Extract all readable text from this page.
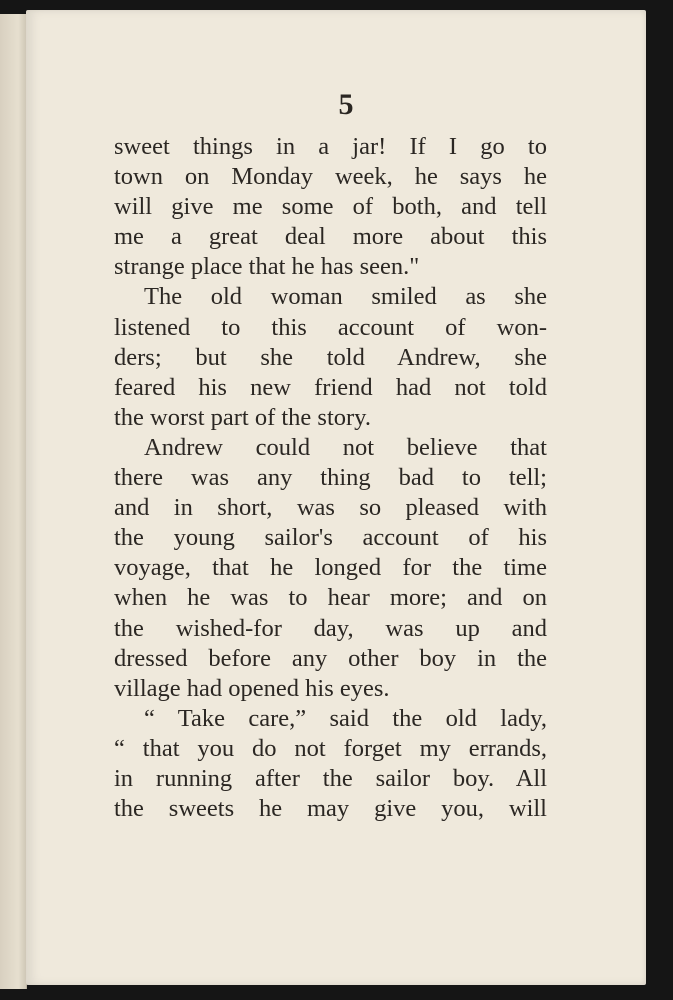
5
sweet things in a jar! If I go to
town on Monday week, he says he
will give me some of both, and tell
me a great deal more about this
strange place that he has seen."
The old woman smiled as she
listened to this account of won-
ders; but she told Andrew, she
feared his new friend had not told
the worst part of the story.
Andrew could not believe that
there was any thing bad to tell;
and in short, was so pleased with
the young sailor's account of his
voyage, that he longed for the time
when he was to hear more; and on
the wished-for day, was up and
dressed before any other boy in the
village had opened his eyes.
“ Take care,” said the old lady,
“ that you do not forget my errands,
in running after the sailor boy. All
the sweets he may give you, will
